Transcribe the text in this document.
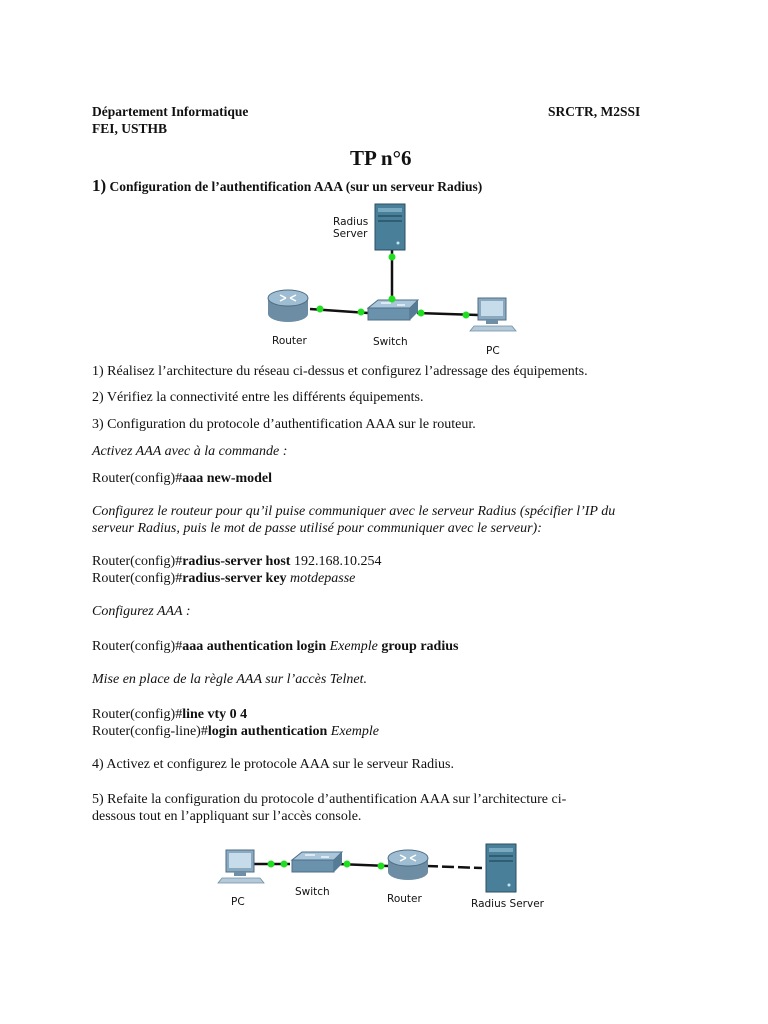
Département Informatique	SRCTR, M2SSI

FEI, USTHB

TP n°6

1) Configuration de l’authentification AAA (sur un serveur Radius)

Radius
Server
Router	Switch
PC

1) Réalisez l’architecture du réseau ci-dessus et configurez l’adressage des équipements.

2) Vérifiez la connectivité entre les différents équipements.

3) Configuration du protocole d’authentification AAA sur le routeur.

Activez AAA avec à la commande :

Router(config)#aaa new-model

Configurez le routeur pour qu’il puise communiquer avec le serveur Radius (spécifier l’IP du

serveur Radius, puis le mot de passe utilisé pour communiquer avec le serveur):

Router(config)#radius-server host 192.168.10.254

Router(config)#radius-server key motdepasse

Configurez AAA :

Router(config)#aaa authentication login Exemple group radius

Mise en place de la règle AAA sur l’accès Telnet.

Router(config)#line vty 0 4

Router(config-line)#login authentication Exemple

4) Activez et configurez le protocole AAA sur le serveur Radius.

5) Refaite la configuration du protocole d’authentification AAA sur l’architecture ci-

dessous tout en l’appliquant sur l’accès console.

PC
Switch
Router	Radius Server
